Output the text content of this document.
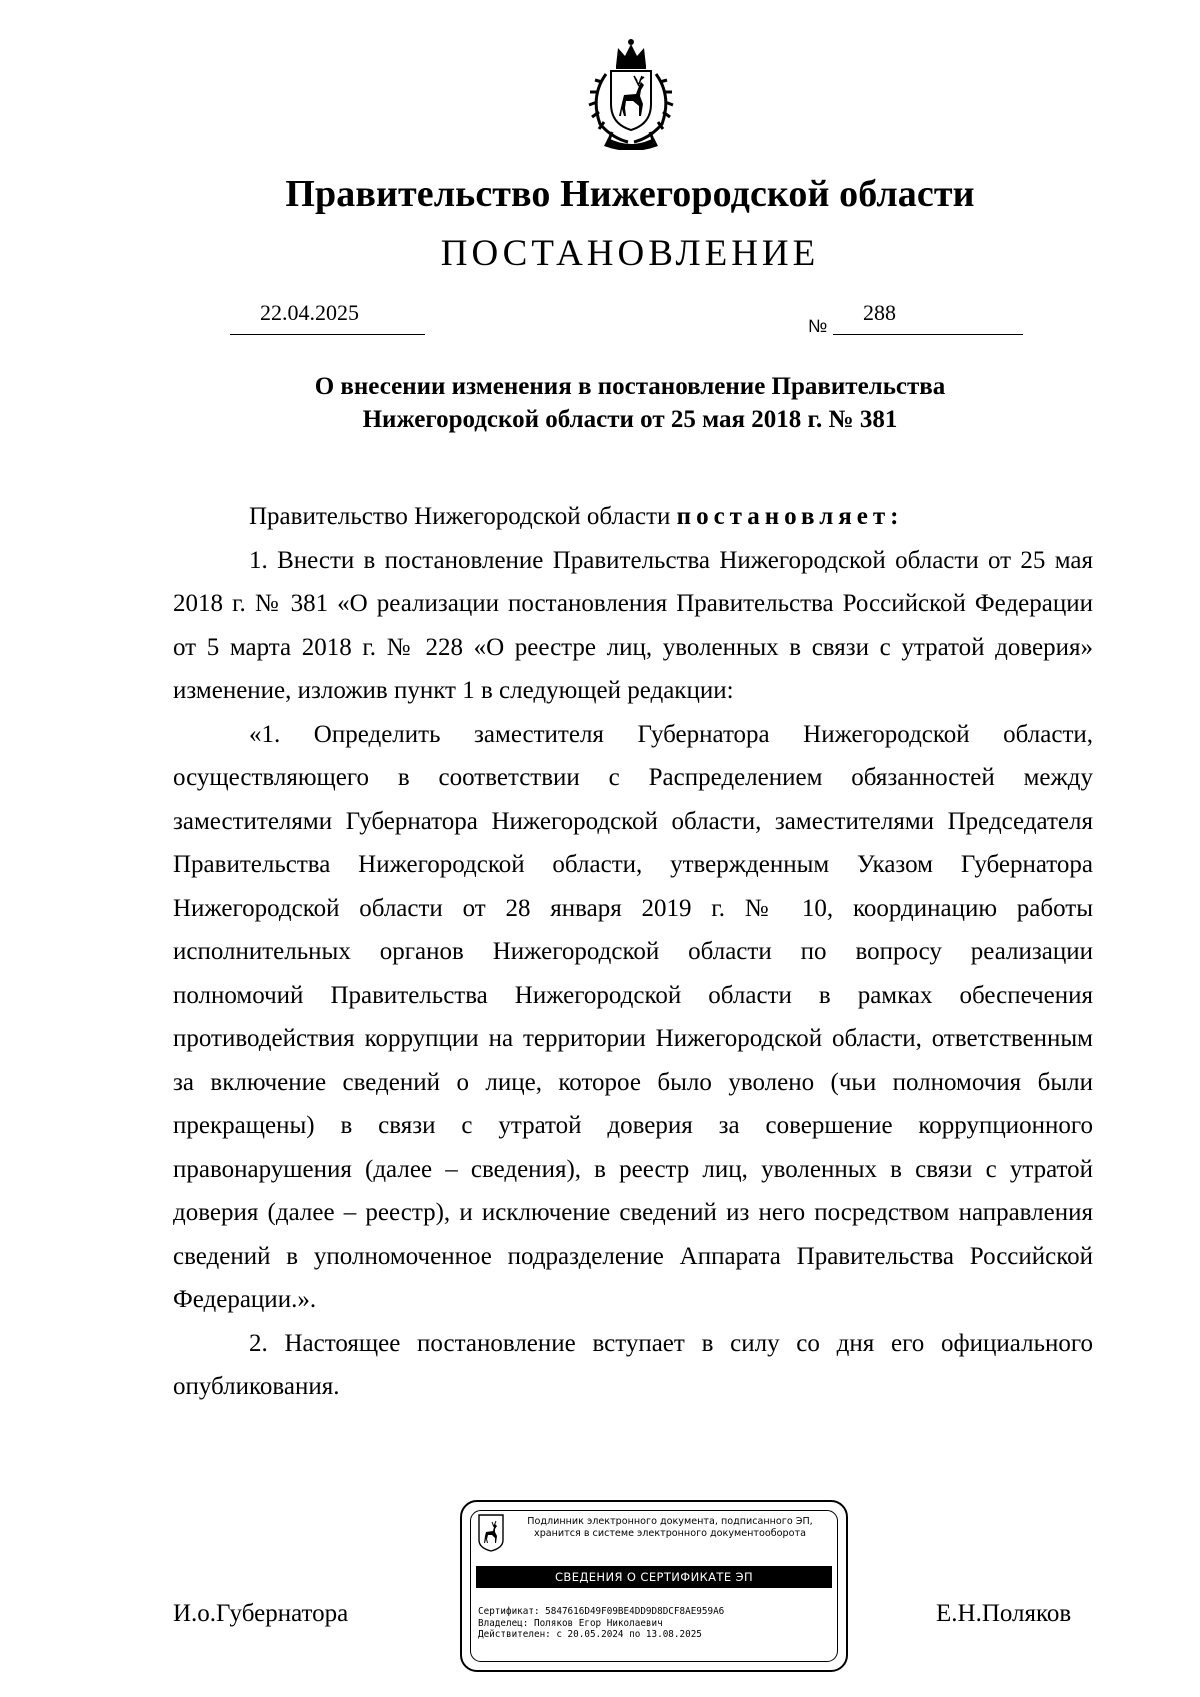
Правительство Нижегородской области
ПОСТАНОВЛЕНИЕ
22.04.2025
№
288
О внесении изменения в постановление Правительства
Нижегородской области от 25 мая 2018 г. № 381

Правительство Нижегородской области постановляет:

1. Внести в постановление Правительства Нижегородской области от 25 мая 2018 г. № 381 «О реализации постановления Правительства Российской Федерации от 5 марта 2018 г. № 228 «О реестре лиц, уволенных в связи с утратой доверия» изменение, изложив пункт 1 в следующей редакции:

«1. Определить заместителя Губернатора Нижегородской области, осуществляющего в соответствии с Распределением обязанностей между заместителями Губернатора Нижегородской области, заместителями Председателя Правительства Нижегородской области, утвержденным Указом Губернатора Нижегородской области от 28 января 2019 г. № 10, координацию работы исполнительных органов Нижегородской области по вопросу реализации полномочий Правительства Нижегородской области в рамках обеспечения противодействия коррупции на территории Нижегородской области, ответственным за включение сведений о лице, которое было уволено (чьи полномочия были прекращены) в связи с утратой доверия за совершение коррупционного правонарушения (далее – сведения), в реестр лиц, уволенных в связи с утратой доверия (далее – реестр), и исключение сведений из него посредством направления сведений в уполномоченное подразделение Аппарата Правительства Российской Федерации.».

2. Настоящее постановление вступает в силу со дня его официального опубликования.

И.о.Губернатора	Е.Н.Поляков
Подлинник электронного документа, подписанного ЭП,
хранится в системе электронного документооборота
СВЕДЕНИЯ О СЕРТИФИКАТЕ ЭП
Сертификат: 5847616D49F09BE4DD9D8DCF8AE959A6
Владелец: Поляков Егор Николаевич
Действителен: с 20.05.2024 по 13.08.2025
